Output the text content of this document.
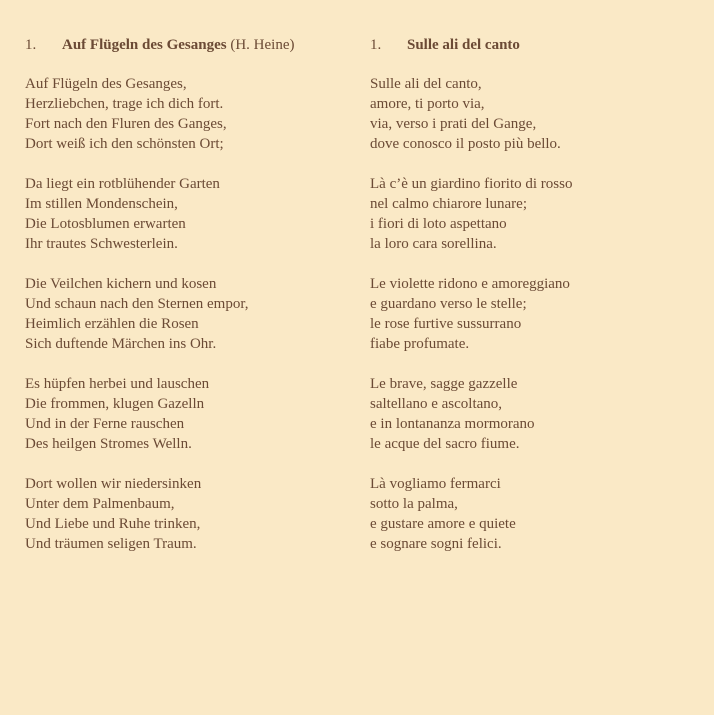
1. Auf Flügeln des Gesanges (H. Heine)
Auf Flügeln des Gesanges,
Herzliebchen, trage ich dich fort.
Fort nach den Fluren des Ganges,
Dort weiß ich den schönsten Ort;
Da liegt ein rotblühender Garten
Im stillen Mondenschein,
Die Lotosblumen erwarten
Ihr trautes Schwesterlein.
Die Veilchen kichern und kosen
Und schaun nach den Sternen empor,
Heimlich erzählen die Rosen
Sich duftende Märchen ins Ohr.
Es hüpfen herbei und lauschen
Die frommen, klugen Gazelln
Und in der Ferne rauschen
Des heilgen Stromes Welln.
Dort wollen wir niedersinken
Unter dem Palmenbaum,
Und Liebe und Ruhe trinken,
Und träumen seligen Traum.
1. Sulle ali del canto
Sulle ali del canto,
amore, ti porto via,
via, verso i prati del Gange,
dove conosco il posto più bello.
Là c’è un giardino fiorito di rosso
nel calmo chiarore lunare;
i fiori di loto aspettano
la loro cara sorellina.
Le violette ridono e amoreggiano
e guardano verso le stelle;
le rose furtive sussurrano
fiabe profumate.
Le brave, sagge gazzelle
saltellano e ascoltano,
e in lontananza mormorano
le acque del sacro fiume.
Là vogliamo fermarci
sotto la palma,
e gustare amore e quiete
e sognare sogni felici.
